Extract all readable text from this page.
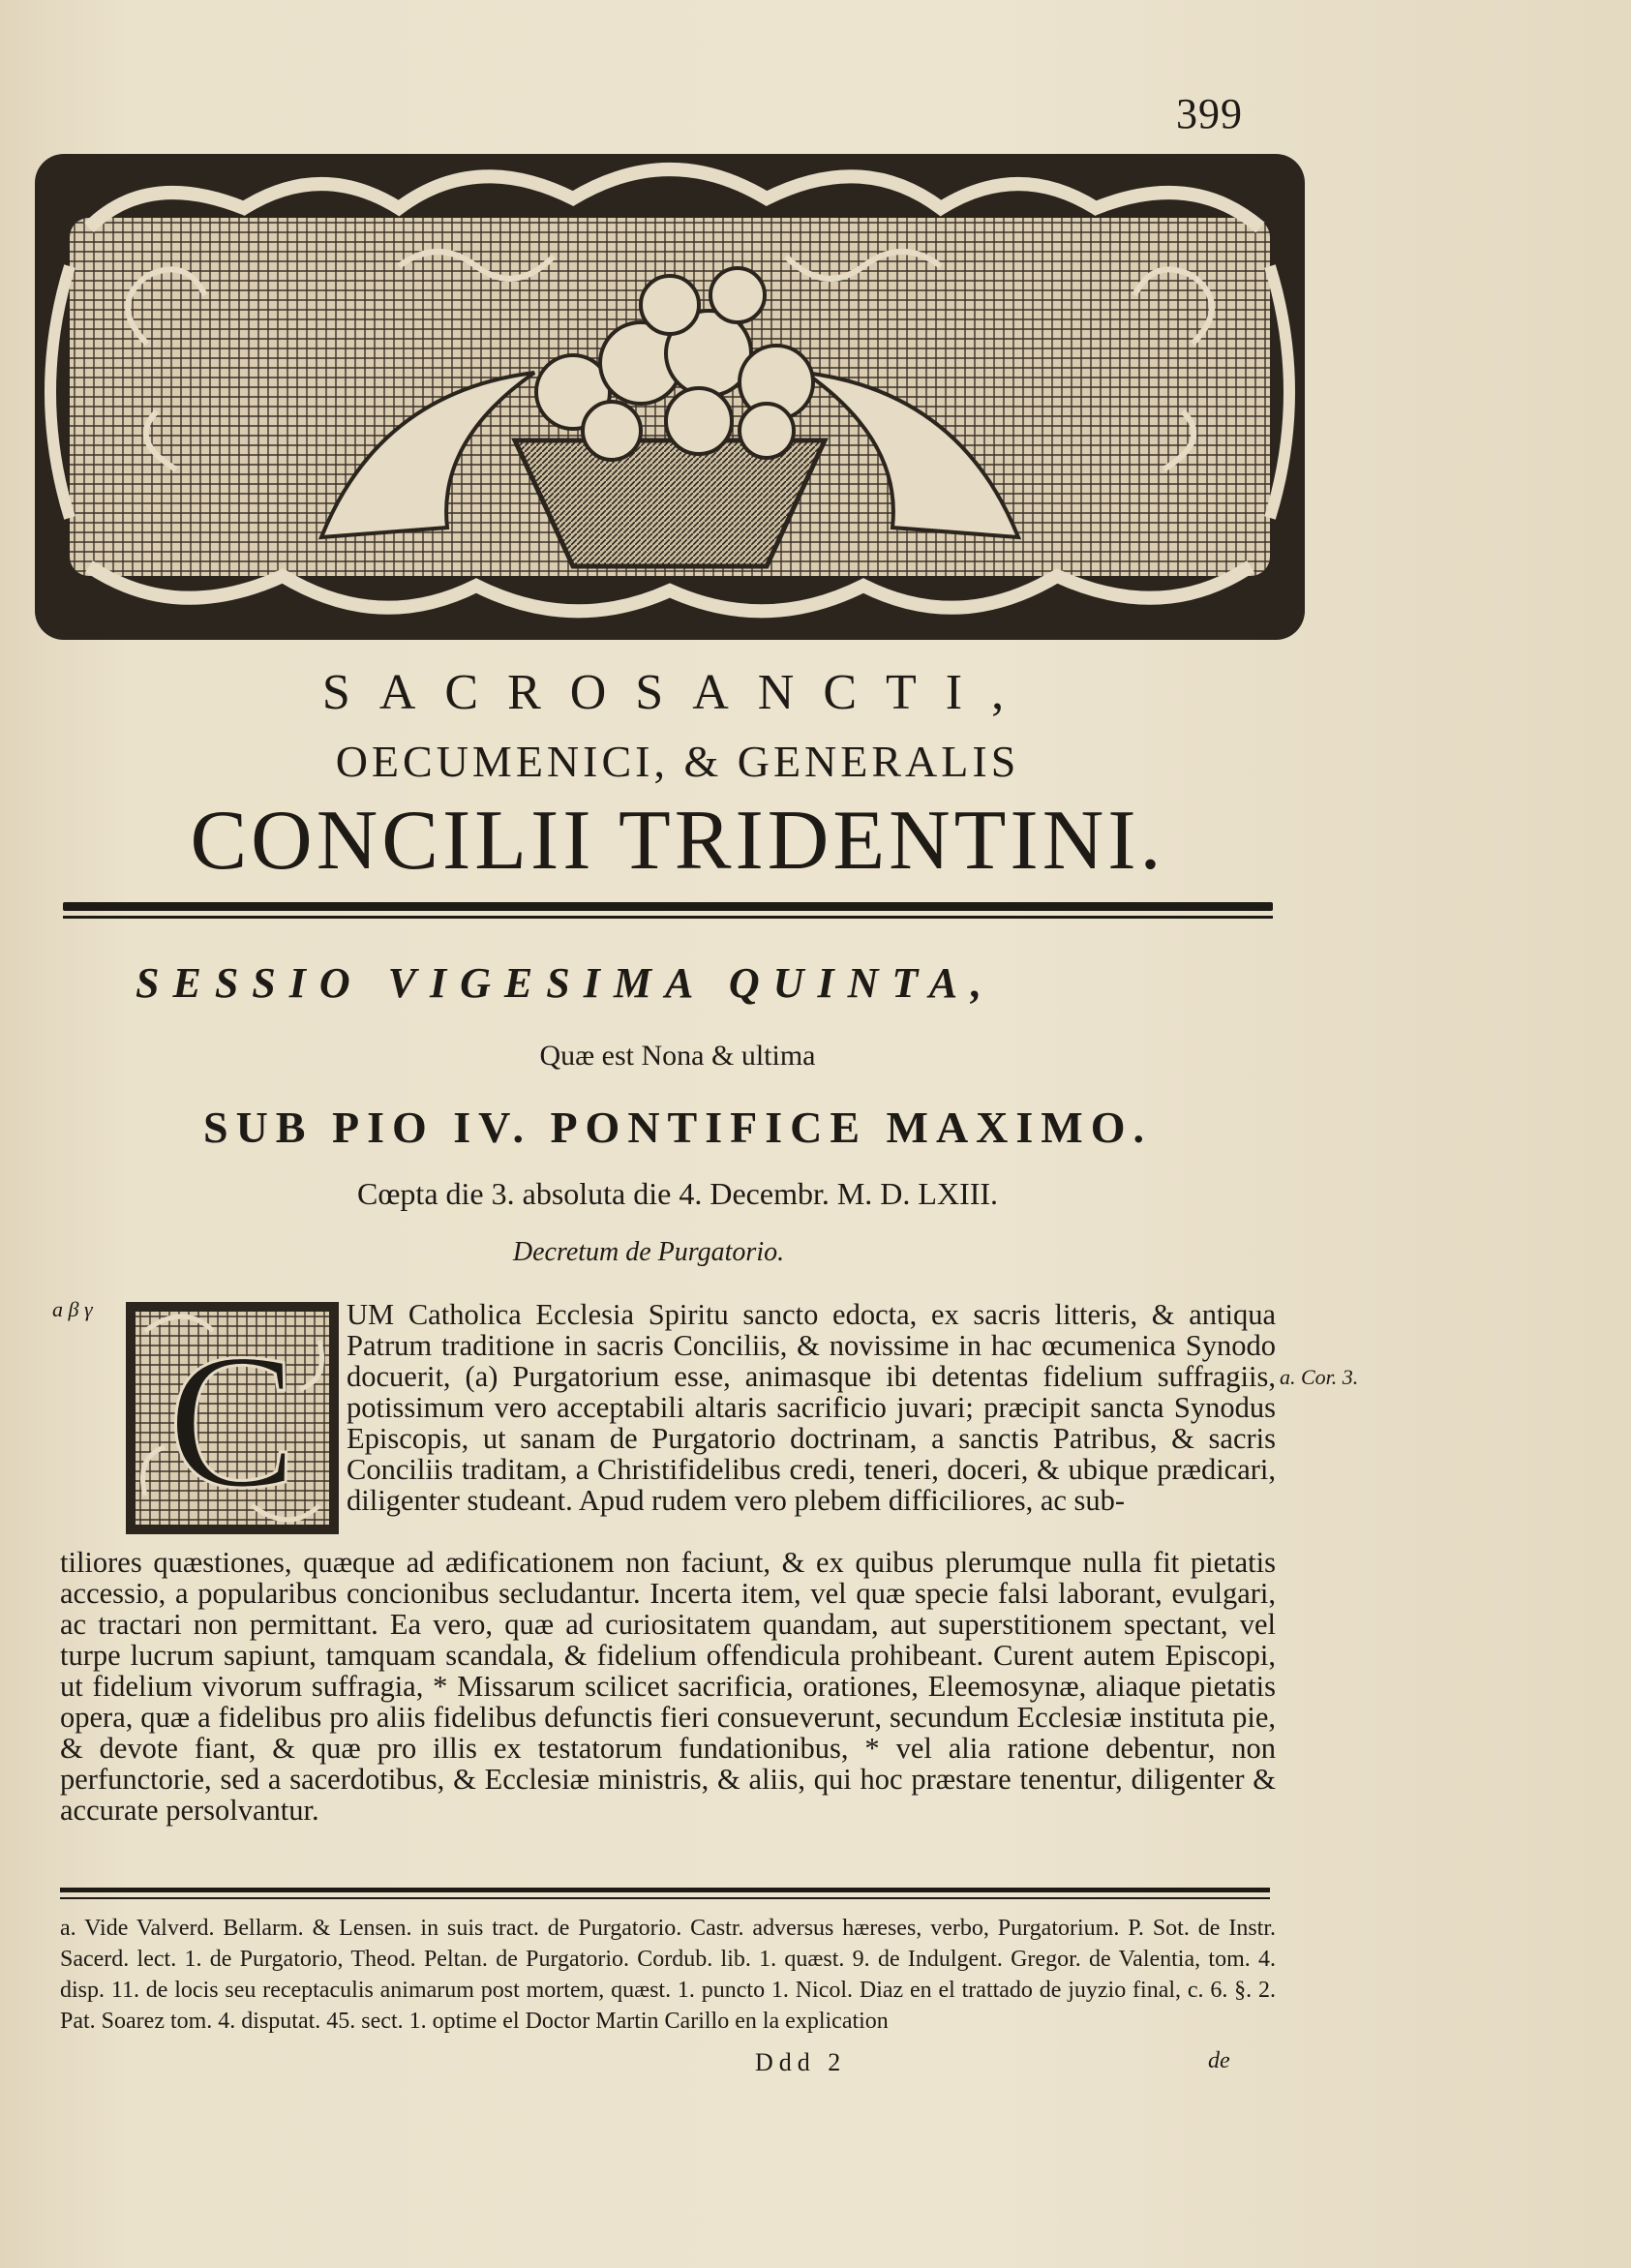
399
SACROSANCTI,
OECUMENICI, & GENERALIS
CONCILII TRIDENTINI.
SESSIO VIGESIMA QUINTA,
Quæ est Nona & ultima
SUB PIO IV. PONTIFICE MAXIMO.
Cœpta die 3. absoluta die 4. Decembr. M. D. LXIII.
Decretum de Purgatorio.
a β γ
a. Cor. 3.
C UM Catholica Ecclesia Spiritu sancto edocta, ex sacris litteris, & antiqua Patrum traditione in sacris Conciliis, & novissime in hac œcumenica Synodo docuerit, (a) Purgatorium esse, animasque ibi detentas fidelium suffragiis, potissimum vero acceptabili altaris sacrificio juvari; præcipit sancta Synodus Episcopis, ut sanam de Purgatorio doctrinam, a sanctis Patribus, & sacris Conciliis traditam, a Christifidelibus credi, teneri, doceri, & ubique prædicari, diligenter studeant. Apud rudem vero plebem difficiliores, ac sub-

tiliores quæstiones, quæque ad ædificationem non faciunt, & ex quibus plerumque nulla fit pietatis accessio, a popularibus concionibus secludantur. Incerta item, vel quæ specie falsi laborant, evulgari, ac tractari non permittant. Ea vero, quæ ad curiositatem quandam, aut superstitionem spectant, vel turpe lucrum sapiunt, tamquam scandala, & fidelium offendicula prohibeant. Curent autem Episcopi, ut fidelium vivorum suffragia, * Missarum scilicet sacrificia, orationes, Eleemosynæ, aliaque pietatis opera, quæ a fidelibus pro aliis fidelibus defunctis fieri consueverunt, secundum Ecclesiæ instituta pie, & devote fiant, & quæ pro illis ex testatorum fundationibus, * vel alia ratione debentur, non perfunctorie, sed a sacerdotibus, & Ecclesiæ ministris, & aliis, qui hoc præstare tenentur, diligenter & accurate persolvantur.

a. Vide Valverd. Bellarm. & Lensen. in suis tract. de Purgatorio. Castr. adversus hæreses, verbo, Purgatorium. P. Sot. de Instr. Sacerd. lect. 1. de Purgatorio, Theod. Peltan. de Purgatorio. Cordub. lib. 1. quæst. 9. de Indulgent. Gregor. de Valentia, tom. 4. disp. 11. de locis seu receptaculis animarum post mortem, quæst. 1. puncto 1. Nicol. Diaz en el trattado de juyzio final, c. 6. §. 2. Pat. Soarez tom. 4. disputat. 45. sect. 1. optime el Doctor Martin Carillo en la explication
Ddd 2	de
